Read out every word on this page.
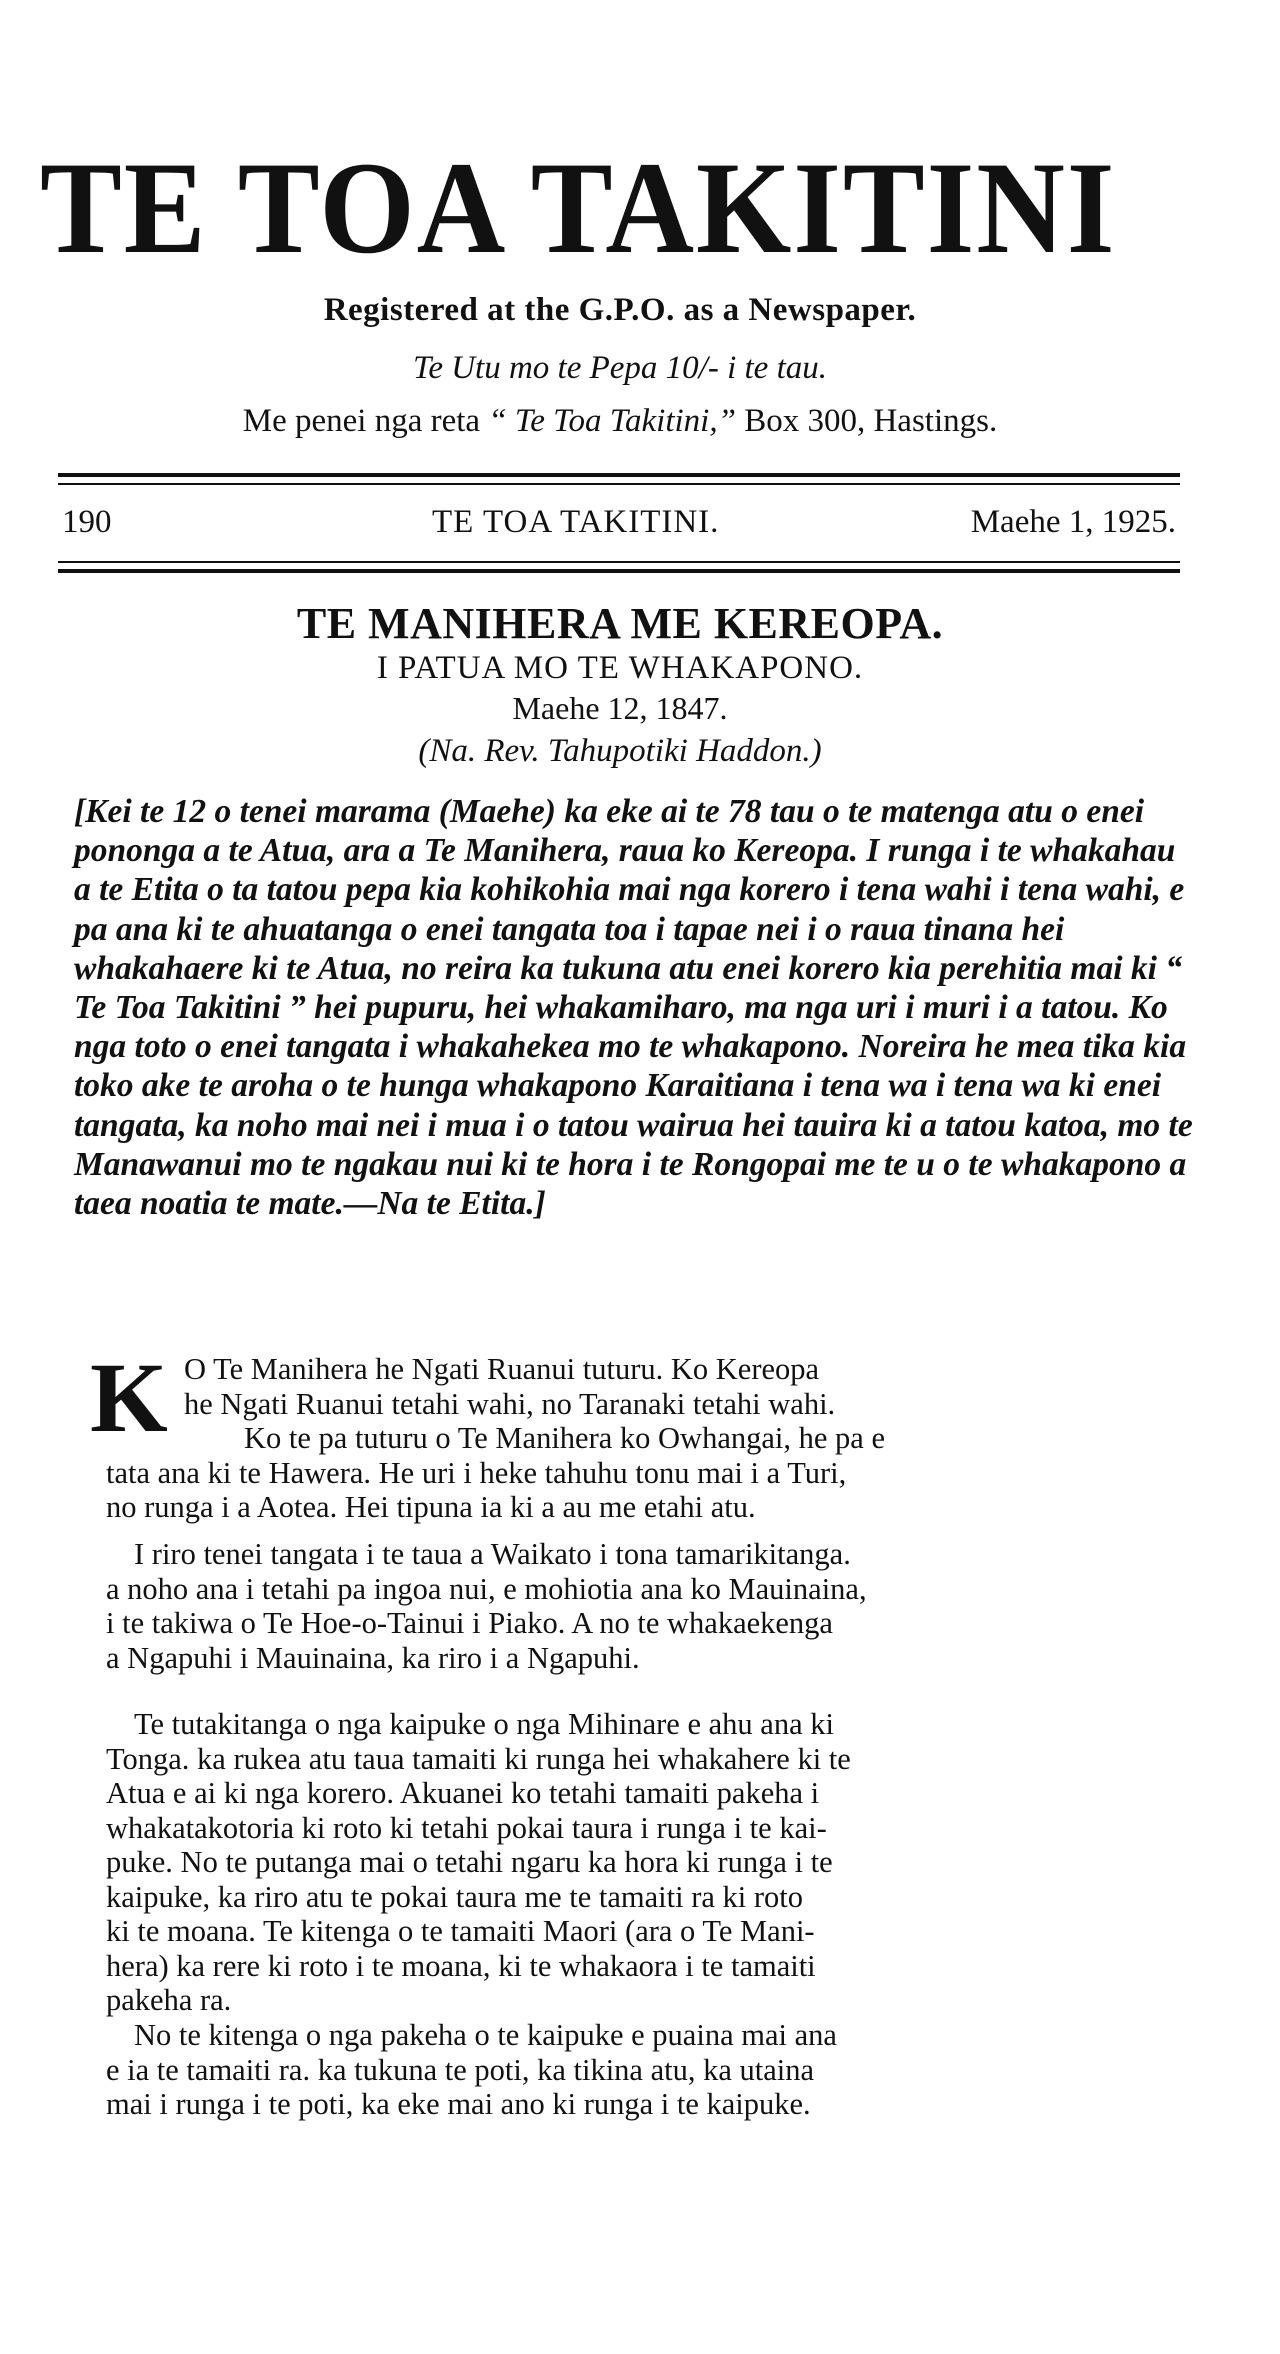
TE TOA TAKITINI
Registered at the G.P.O. as a Newspaper.
Te Utu mo te Pepa 10/- i te tau.
Me penei nga reta “ Te Toa Takitini,” Box 300, Hastings.
190	TE TOA TAKITINI.	Maehe 1, 1925.
TE MANIHERA ME KEREOPA.
I PATUA MO TE WHAKAPONO.
Maehe 12, 1847.
(Na. Rev. Tahupotiki Haddon.)
[Kei te 12 o tenei marama (Maehe) ka eke ai te 78 tau o te matenga atu o enei pononga a te Atua, ara a Te Manihera, raua ko Kereopa. I runga i te whakahau a te Etita o ta tatou pepa kia kohikohia mai nga korero i tena wahi i tena wahi, e pa ana ki te ahuatanga o enei tangata toa i tapae nei i o raua tinana hei whakahaere ki te Atua, no reira ka tukuna atu enei korero kia perehitia mai ki “ Te Toa Takitini ” hei pupuru, hei whakamiharo, ma nga uri i muri i a tatou. Ko nga toto o enei tangata i whakahekea mo te whakapono. Noreira he mea tika kia toko ake te aroha o te hunga whakapono Karaitiana i tena wa i tena wa ki enei tangata, ka noho mai nei i mua i o tatou wairua hei tauira ki a tatou katoa, mo te Manawanui mo te ngakau nui ki te hora i te Rongopai me te u o te whakapono a taea noatia te mate.—Na te Etita.]
K O Te Manihera he Ngati Ruanui tuturu. Ko Kereopa
he Ngati Ruanui tetahi wahi, no Taranaki tetahi wahi.
Ko te pa tuturu o Te Manihera ko Owhangai, he pa e
tata ana ki te Hawera. He uri i heke tahuhu tonu mai i a Turi,
no runga i a Aotea. Hei tipuna ia ki a au me etahi atu.
I riro tenei tangata i te taua a Waikato i tona tamarikitanga.
a noho ana i tetahi pa ingoa nui, e mohiotia ana ko Mauinaina,
i te takiwa o Te Hoe-o-Tainui i Piako. A no te whakaekenga
a Ngapuhi i Mauinaina, ka riro i a Ngapuhi.
Te tutakitanga o nga kaipuke o nga Mihinare e ahu ana ki
Tonga. ka rukea atu taua tamaiti ki runga hei whakahere ki te
Atua e ai ki nga korero. Akuanei ko tetahi tamaiti pakeha i
whakatakotoria ki roto ki tetahi pokai taura i runga i te kai-
puke. No te putanga mai o tetahi ngaru ka hora ki runga i te
kaipuke, ka riro atu te pokai taura me te tamaiti ra ki roto
ki te moana. Te kitenga o te tamaiti Maori (ara o Te Mani-
hera) ka rere ki roto i te moana, ki te whakaora i te tamaiti
pakeha ra.
No te kitenga o nga pakeha o te kaipuke e puaina mai ana
e ia te tamaiti ra. ka tukuna te poti, ka tikina atu, ka utaina
mai i runga i te poti, ka eke mai ano ki runga i te kaipuke.
